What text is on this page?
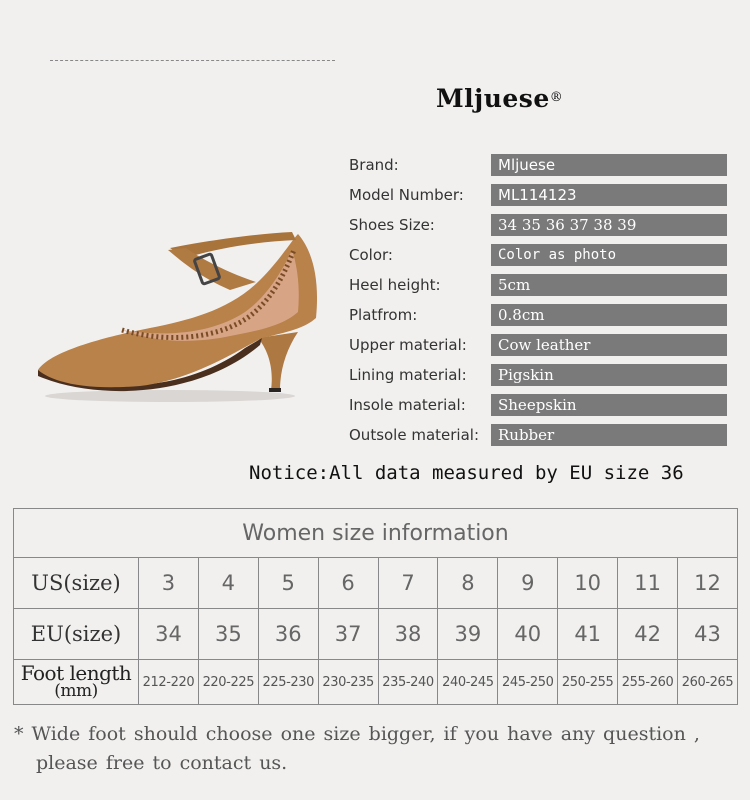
Mljuese®
Brand:	Mljuese
Model Number:	ML114123
Shoes Size:	34 35 36 37 38 39
Color:	Color as photo
Heel height:	5cm
Platfrom:	0.8cm
Upper material:	Cow leather
Lining material:	Pigskin
Insole material:	Sheepskin
Outsole material:	Rubber
Notice:All data measured by EU size 36
Women size information										
US(size)	3	4	5	6	7	8	9	10	11	12
EU(size)	34	35	36	37	38	39	40	41	42	43
Foot length
(mm)	212-220	220-225	225-230	230-235	235-240	240-245	245-250	250-255	255-260	260-265
* Wide foot should choose one size bigger, if you have any question ,
please free to contact us.
